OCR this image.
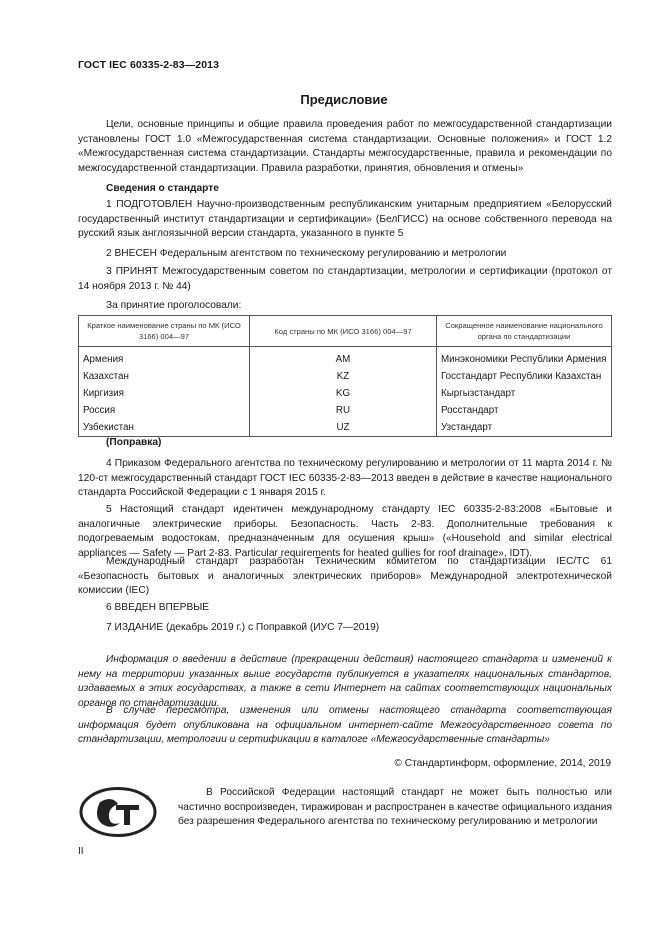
ГОСТ IEC 60335-2-83—2013
Предисловие
Цели, основные принципы и общие правила проведения работ по межгосударственной стандартизации установлены ГОСТ 1.0 «Межгосударственная система стандартизации. Основные положения» и ГОСТ 1.2 «Межгосударственная система стандартизации. Стандарты межгосударственные, правила и рекомендации по межгосударственной стандартизации. Правила разработки, принятия, обновления и отмены»
Сведения о стандарте
1 ПОДГОТОВЛЕН Научно-производственным республиканским унитарным предприятием «Белорусский государственный институт стандартизации и сертификации» (БелГИСС) на основе собственного перевода на русский язык англоязычной версии стандарта, указанного в пункте 5
2 ВНЕСЕН Федеральным агентством по техническому регулированию и метрологии
3 ПРИНЯТ Межгосударственным советом по стандартизации, метрологии и сертификации (протокол от 14 ноября 2013 г. № 44)
За принятие проголосовали:
Краткое наименование страны по МК (ИСО 3166) 004—97	Код страны по МК (ИСО 3166) 004—97	Сокращенное наименование национального органа по стандартизации
Армения	AM	Минэкономики Республики Армения
Казахстан	KZ	Госстандарт Республики Казахстан
Киргизия	KG	Кыргызстандарт
Россия	RU	Росстандарт
Узбекистан	UZ	Узстандарт
(Поправка)
4 Приказом Федерального агентства по техническому регулированию и метрологии от 11 марта 2014 г. № 120-ст межгосударственный стандарт ГОСТ IEC 60335-2-83—2013 введен в действие в качестве национального стандарта Российской Федерации с 1 января 2015 г.
5 Настоящий стандарт идентичен международному стандарту IEC 60335-2-83:2008 «Бытовые и аналогичные электрические приборы. Безопасность. Часть 2-83. Дополнительные требования к подогреваемым водостокам, предназначенным для осушения крыш» («Household and similar electrical appliances — Safety — Part 2-83. Particular requirements for heated gullies for roof drainage», IDT).
Международный стандарт разработан Техническим комитетом по стандартизации IEC/TC 61 «Безопасность бытовых и аналогичных электрических приборов» Международной электротехнической комиссии (IEC)
6 ВВЕДЕН ВПЕРВЫЕ
7 ИЗДАНИЕ (декабрь 2019 г.) с Поправкой (ИУС 7—2019)
Информация о введении в действие (прекращении действия) настоящего стандарта и изменений к нему на территории указанных выше государств публикуется в указателях национальных стандартов, издаваемых в этих государствах, а также в сети Интернет на сайтах соответствующих национальных органов по стандартизации.
В случае пересмотра, изменения или отмены настоящего стандарта соответствующая информация будет опубликована на официальном интернет-сайте Межгосударственного совета по стандартизации, метрологии и сертификации в каталоге «Межгосударственные стандарты»
© Стандартинформ, оформление, 2014, 2019
®
В Российской Федерации настоящий стандарт не может быть полностью или частично воспроизведен, тиражирован и распространен в качестве официального издания без разрешения Федерального агентства по техническому регулированию и метрологии
II
